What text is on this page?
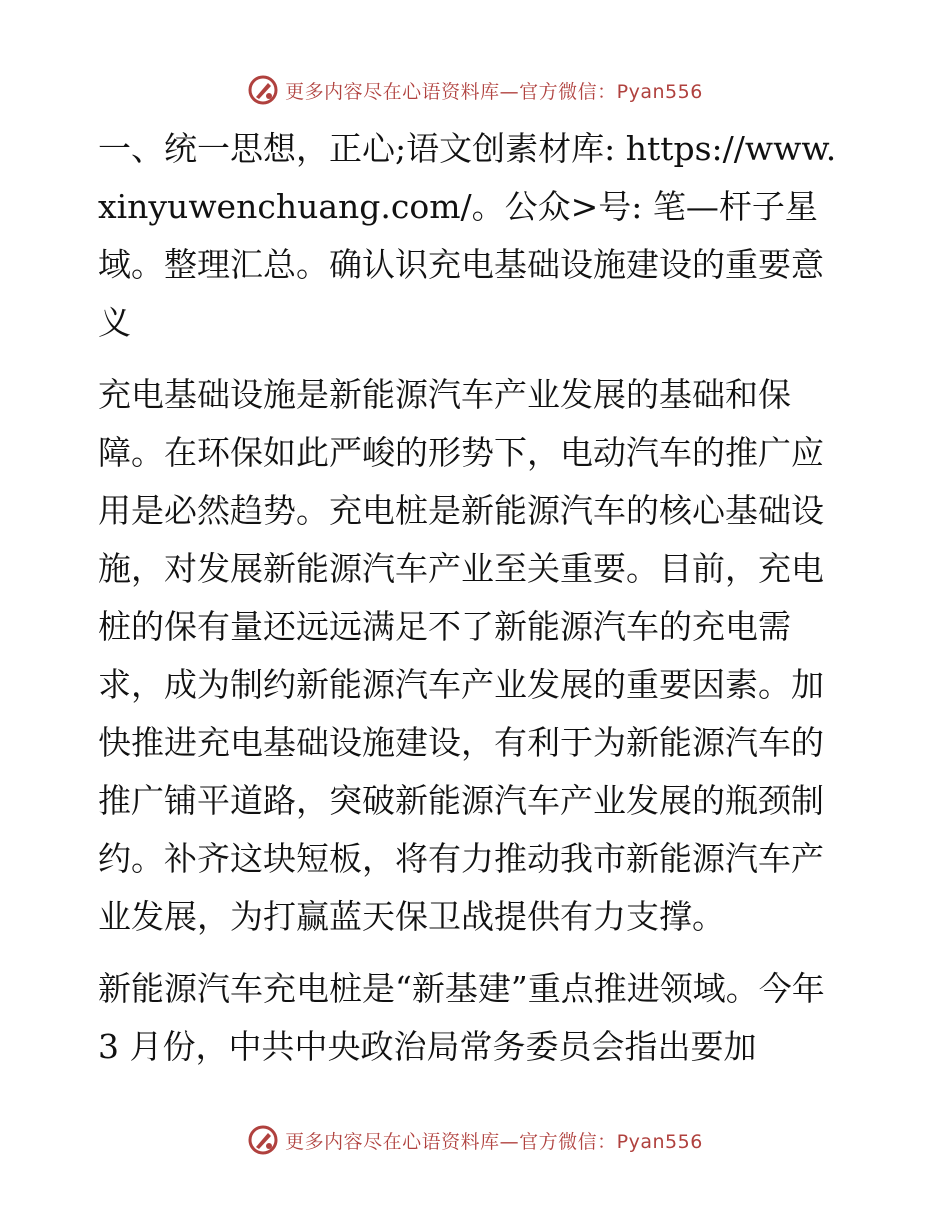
更多内容尽在心语资料库—官方微信：Pyan556

一、统一思想，正心;语文创素材库: https://www.xinyuwenchuang.com/。公众>号: 笔—杆子星域。整理汇总。确认识充电基础设施建设的重要意义

充电基础设施是新能源汽车产业发展的基础和保障。在环保如此严峻的形势下，电动汽车的推广应用是必然趋势。充电桩是新能源汽车的核心基础设施，对发展新能源汽车产业至关重要。目前，充电桩的保有量还远远满足不了新能源汽车的充电需求，成为制约新能源汽车产业发展的重要因素。加快推进充电基础设施建设，有利于为新能源汽车的推广铺平道路，突破新能源汽车产业发展的瓶颈制约。补齐这块短板，将有力推动我市新能源汽车产业发展，为打赢蓝天保卫战提供有力支撑。

新能源汽车充电桩是“新基建”重点推进领域。今年 3 月份，中共中央政治局常务委员会指出要加

更多内容尽在心语资料库—官方微信：Pyan556
